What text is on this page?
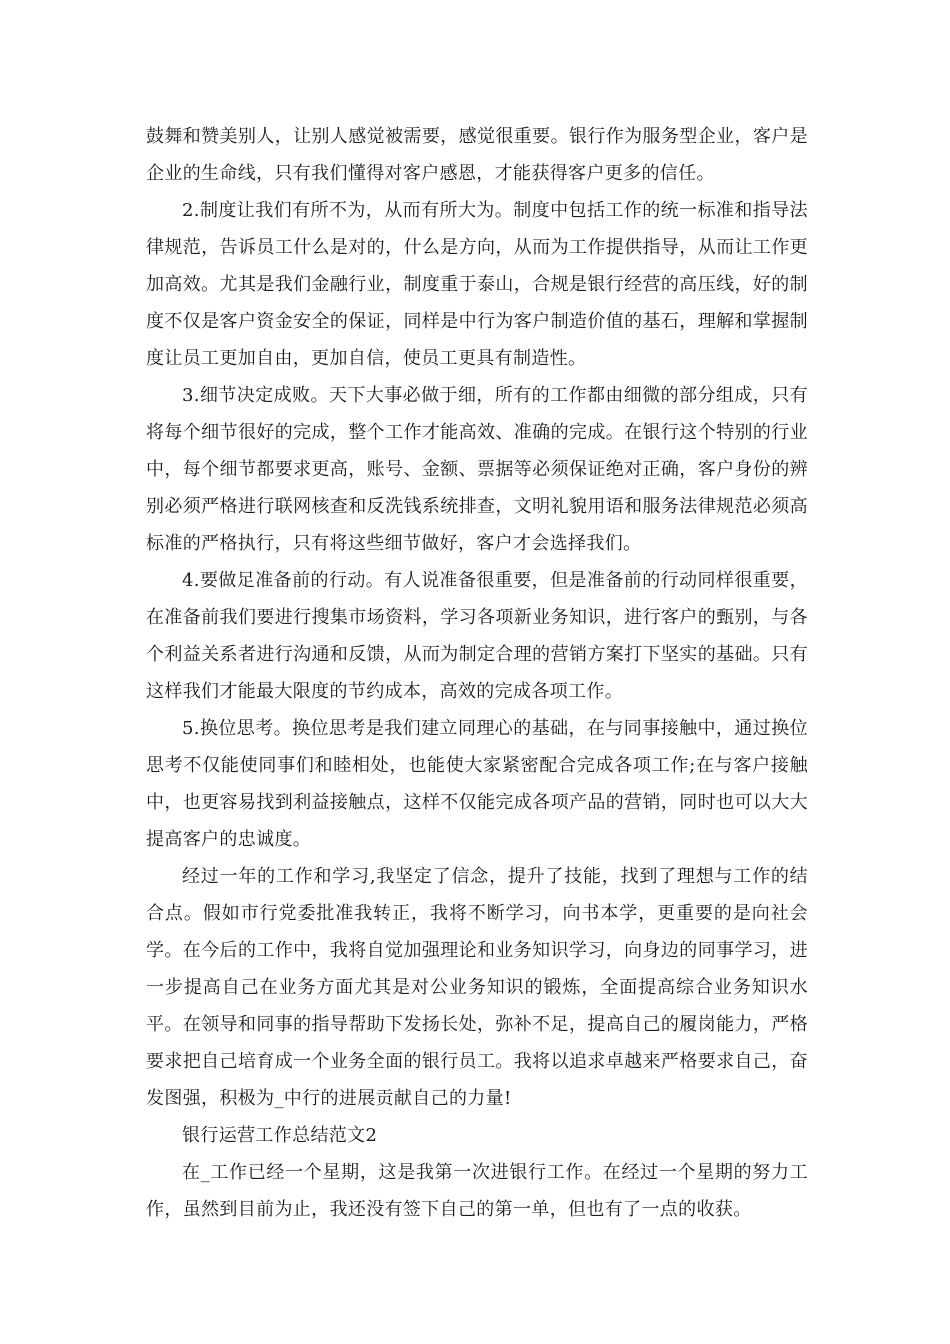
鼓舞和赞美别人，让别人感觉被需要，感觉很重要。银行作为服务型企业，客户是企业的生命线，只有我们懂得对客户感恩，才能获得客户更多的信任。

2.制度让我们有所不为，从而有所大为。制度中包括工作的统一标准和指导法律规范，告诉员工什么是对的，什么是方向，从而为工作提供指导，从而让工作更加高效。尤其是我们金融行业，制度重于泰山，合规是银行经营的高压线，好的制度不仅是客户资金安全的保证，同样是中行为客户制造价值的基石，理解和掌握制度让员工更加自由，更加自信，使员工更具有制造性。

3.细节决定成败。天下大事必做于细，所有的工作都由细微的部分组成，只有将每个细节很好的完成，整个工作才能高效、准确的完成。在银行这个特别的行业中，每个细节都要求更高，账号、金额、票据等必须保证绝对正确，客户身份的辨别必须严格进行联网核查和反洗钱系统排查，文明礼貌用语和服务法律规范必须高标准的严格执行，只有将这些细节做好，客户才会选择我们。

4.要做足准备前的行动。有人说准备很重要，但是准备前的行动同样很重要，在准备前我们要进行搜集市场资料，学习各项新业务知识，进行客户的甄别，与各个利益关系者进行沟通和反馈，从而为制定合理的营销方案打下坚实的基础。只有这样我们才能最大限度的节约成本，高效的完成各项工作。

5.换位思考。换位思考是我们建立同理心的基础，在与同事接触中，通过换位思考不仅能使同事们和睦相处，也能使大家紧密配合完成各项工作;在与客户接触中，也更容易找到利益接触点，这样不仅能完成各项产品的营销，同时也可以大大提高客户的忠诚度。

经过一年的工作和学习,我坚定了信念，提升了技能，找到了理想与工作的结合点。假如市行党委批准我转正，我将不断学习，向书本学，更重要的是向社会学。在今后的工作中，我将自觉加强理论和业务知识学习，向身边的同事学习，进一步提高自己在业务方面尤其是对公业务知识的锻炼，全面提高综合业务知识水平。在领导和同事的指导帮助下发扬长处，弥补不足，提高自己的履岗能力，严格要求把自己培育成一个业务全面的银行员工。我将以追求卓越来严格要求自己，奋发图强，积极为_中行的进展贡献自己的力量!

银行运营工作总结范文2

在_工作已经一个星期，这是我第一次进银行工作。在经过一个星期的努力工作，虽然到目前为止，我还没有签下自己的第一单，但也有了一点的收获。
